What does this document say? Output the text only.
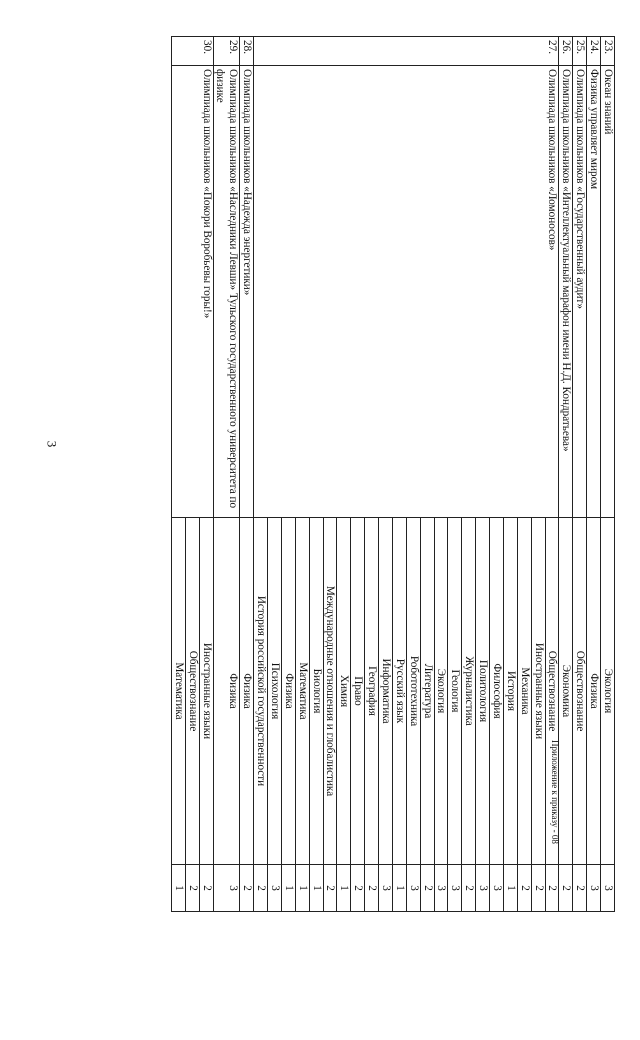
3
23.	Океан знаний	Экология	3
24.	Физика управляет миром	Физика	3
25.	Олимпиада школьников «Государственный аудит»	Обществознание	2
26.	Олимпиада школьников «Интеллектуальный марафон имени Н.Д. Кондратьева»	Экономика	2
27.	Олимпиада школьников «Ломоносов»	Обществознание	2
		Иностранные языки	2
		Механика	2
		История	1
		Философия	3
		Политология	3
		Журналистика	2
		Геология	3
		Экология	3
		Литература	2
		Робототехника	3
		Русский язык	1
		Информатика	3
		География	2
		Право	2
		Химия	1
		Международные отношения и глобалистика	2
		Биология	1
		Математика	1
		Физика	1
		Психология	3
		История российской государственности	2
28.	Олимпиада школьников «Надежда энергетики»	Физика	2
29.	Олимпиада школьников «Наследники Левши» Тульского государственного университета по физике	Физика	3
30.	Олимпиада школьников «Покори Воробьевы горы!»	Иностранные языки	2
		Обществознание	2
		Математика	1
Приложение к приказу - 08
